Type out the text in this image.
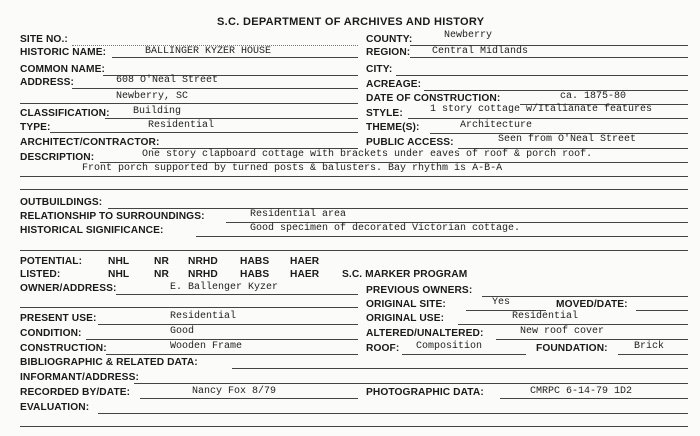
S.C. DEPARTMENT OF ARCHIVES AND HISTORY
SITE NO.:	COUNTY:	Newberry
HISTORIC NAME:	BALLINGER KYZER HOUSE	REGION: Central Midlands
COMMON NAME:	CITY:
ADDRESS:	608 O'Neal Street	ACREAGE:
Newberry, SC	DATE OF CONSTRUCTION:	ca. 1875-80
CLASSIFICATION: Building	STYLE:	1 story cottage w/Italianate features
TYPE:	Residential	THEME(S):	Architecture
ARCHITECT/CONTRACTOR:	PUBLIC ACCESS:	Seen from O'Neal Street
DESCRIPTION:	One story clapboard cottage with brackets under eaves of roof & porch roof.
Front porch supported by turned posts & balusters. Bay rhythm is A-B-A
OUTBUILDINGS:
RELATIONSHIP TO SURROUNDINGS:	Residential area
HISTORICAL SIGNIFICANCE:	Good specimen of decorated Victorian cottage.
POTENTIAL:	NHL NR NRHD HABS HAER
LISTED:	NHL NR NRHD HABS HAER S.C. MARKER PROGRAM
OWNER/ADDRESS:	E. Ballenger Kyzer	PREVIOUS OWNERS:
ORIGINAL SITE:	Yes	MOVED/DATE:
PRESENT USE:	Residential	ORIGINAL USE:	Residential
CONDITION:	Good	ALTERED/UNALTERED:	New roof cover
CONSTRUCTION:	Wooden Frame	ROOF: Composition	FOUNDATION:	Brick
BIBLIOGRAPHIC & RELATED DATA:
INFORMANT/ADDRESS:
RECORDED BY/DATE:	Nancy Fox 8/79	PHOTOGRAPHIC DATA:	CMRPC 6-14-79 1D2
EVALUATION:
